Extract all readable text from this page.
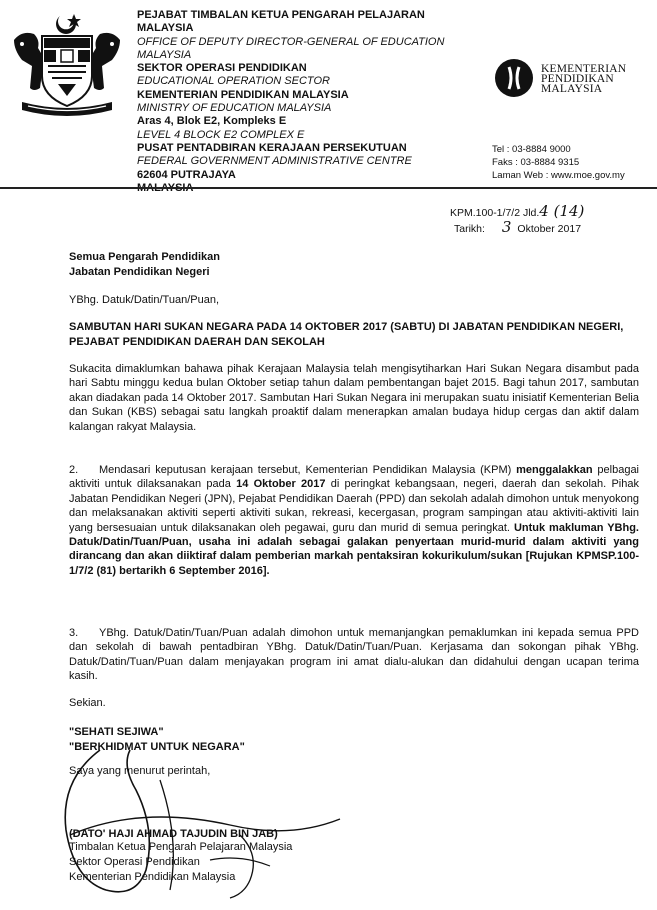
PEJABAT TIMBALAN KETUA PENGARAH PELAJARAN MALAYSIA
OFFICE OF DEPUTY DIRECTOR-GENERAL OF EDUCATION MALAYSIA
SEKTOR OPERASI PENDIDIKAN
EDUCATIONAL OPERATION SECTOR
KEMENTERIAN PENDIDIKAN MALAYSIA
MINISTRY OF EDUCATION MALAYSIA
Aras 4, Blok E2, Kompleks E
LEVEL 4 BLOCK E2 COMPLEX E
PUSAT PENTADBIRAN KERAJAAN PERSEKUTUAN
FEDERAL GOVERNMENT ADMINISTRATIVE CENTRE
62604 PUTRAJAYA
KEMENTERIAN
PENDIDIKAN
MALAYSIA
Tel : 03-8884 9000
Faks : 03-8884 9315
Laman Web : www.moe.gov.my
KPM.100-1/7/2 Jld.4 (14)
Tarikh: 3 Oktober 2017
Semua Pengarah Pendidikan
Jabatan Pendidikan Negeri
YBhg. Datuk/Datin/Tuan/Puan,
SAMBUTAN HARI SUKAN NEGARA PADA 14 OKTOBER 2017 (SABTU) DI JABATAN PENDIDIKAN NEGERI, PEJABAT PENDIDIKAN DAERAH DAN SEKOLAH
Sukacita dimaklumkan bahawa pihak Kerajaan Malaysia telah mengisytiharkan Hari Sukan Negara disambut pada hari Sabtu minggu kedua bulan Oktober setiap tahun dalam pembentangan bajet 2015. Bagi tahun 2017, sambutan akan diadakan pada 14 Oktober 2017. Sambutan Hari Sukan Negara ini merupakan suatu inisiatif Kementerian Belia dan Sukan (KBS) sebagai satu langkah proaktif dalam menerapkan amalan budaya hidup cergas dan aktif dalam kalangan rakyat Malaysia.
2. Mendasari keputusan kerajaan tersebut, Kementerian Pendidikan Malaysia (KPM) menggalakkan pelbagai aktiviti untuk dilaksanakan pada 14 Oktober 2017 di peringkat kebangsaan, negeri, daerah dan sekolah. Pihak Jabatan Pendidikan Negeri (JPN), Pejabat Pendidikan Daerah (PPD) dan sekolah adalah dimohon untuk menyokong dan melaksanakan aktiviti seperti aktiviti sukan, rekreasi, kecergasan, program sampingan atau aktiviti-aktiviti lain yang bersesuaian untuk dilaksanakan oleh pegawai, guru dan murid di semua peringkat. Untuk makluman YBhg. Datuk/Datin/Tuan/Puan, usaha ini adalah sebagai galakan penyertaan murid-murid dalam aktiviti yang dirancang dan akan diiktiraf dalam pemberian markah pentaksiran kokurikulum/sukan [Rujukan KPMSP.100-1/7/2 (81) bertarikh 6 September 2016].
3. YBhg. Datuk/Datin/Tuan/Puan adalah dimohon untuk memanjangkan pemaklumkan ini kepada semua PPD dan sekolah di bawah pentadbiran YBhg. Datuk/Datin/Tuan/Puan. Kerjasama dan sokongan pihak YBhg. Datuk/Datin/Tuan/Puan dalam menjayakan program ini amat dialu-alukan dan didahului dengan ucapan terima kasih.
Sekian.
"SEHATI SEJIWA"
"BERKHIDMAT UNTUK NEGARA"
Saya yang menurut perintah,
(DATO' HAJI AHMAD TAJUDIN BIN JAB)
Timbalan Ketua Pengarah Pelajaran Malaysia
Sektor Operasi Pendidikan
Kementerian Pendidikan Malaysia
